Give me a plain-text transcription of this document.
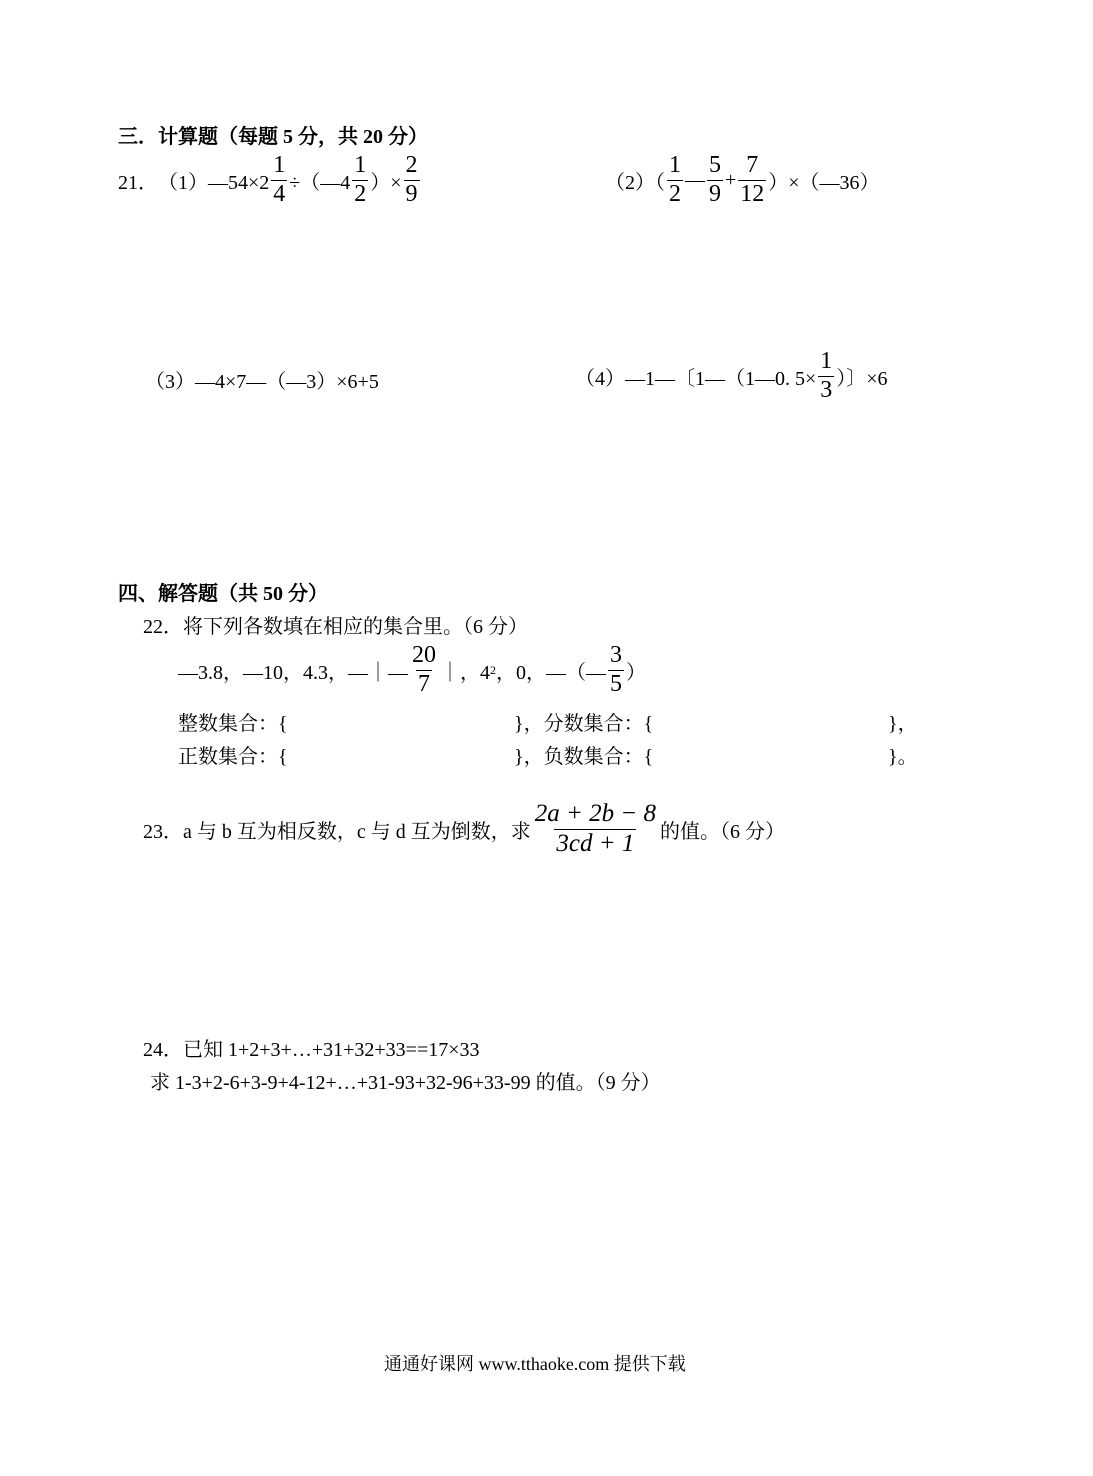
三．计算题（每题 5 分，共 20 分）
21． （1）—54×2 $\frac{1}{4}$ ÷（—4 $\frac{1}{2}$ ）× $\frac{2}{9}$	$(2)( \frac{1}{2}$ — $\frac{5}{9} + \frac{7}{12}$ ）×（—36）
（3）—4×7—（—3）×6+5	（4）—1—〔1—（1—0. $5\times \frac{1}{3}$ ）〕×6
四、解答题（共 50 分）
22．将下列各数填在相应的集合里。（6 分）
—3.8，—10，4.3，—｜— $\frac{20}{7}$ ｜，4 2 ，0，—（— $\frac{3}{5}$ ）
整数集合：{	}，分数集合：{	}，
正数集合：{	}，负数集合：{	}。
23．a 与 b 互为相反数，c 与 d 互为倒数，求 $\frac{2a + 2b - 8}{3cd + 1}$ 的值。（6 分）
24．已知 1+2+3+…+31+32+33==17×33
求 1-3+2-6+3-9+4-12+…+31-93+32-96+33-99 的值。（9 分）
通通好课网 www.tthaoke.com 提供下载
